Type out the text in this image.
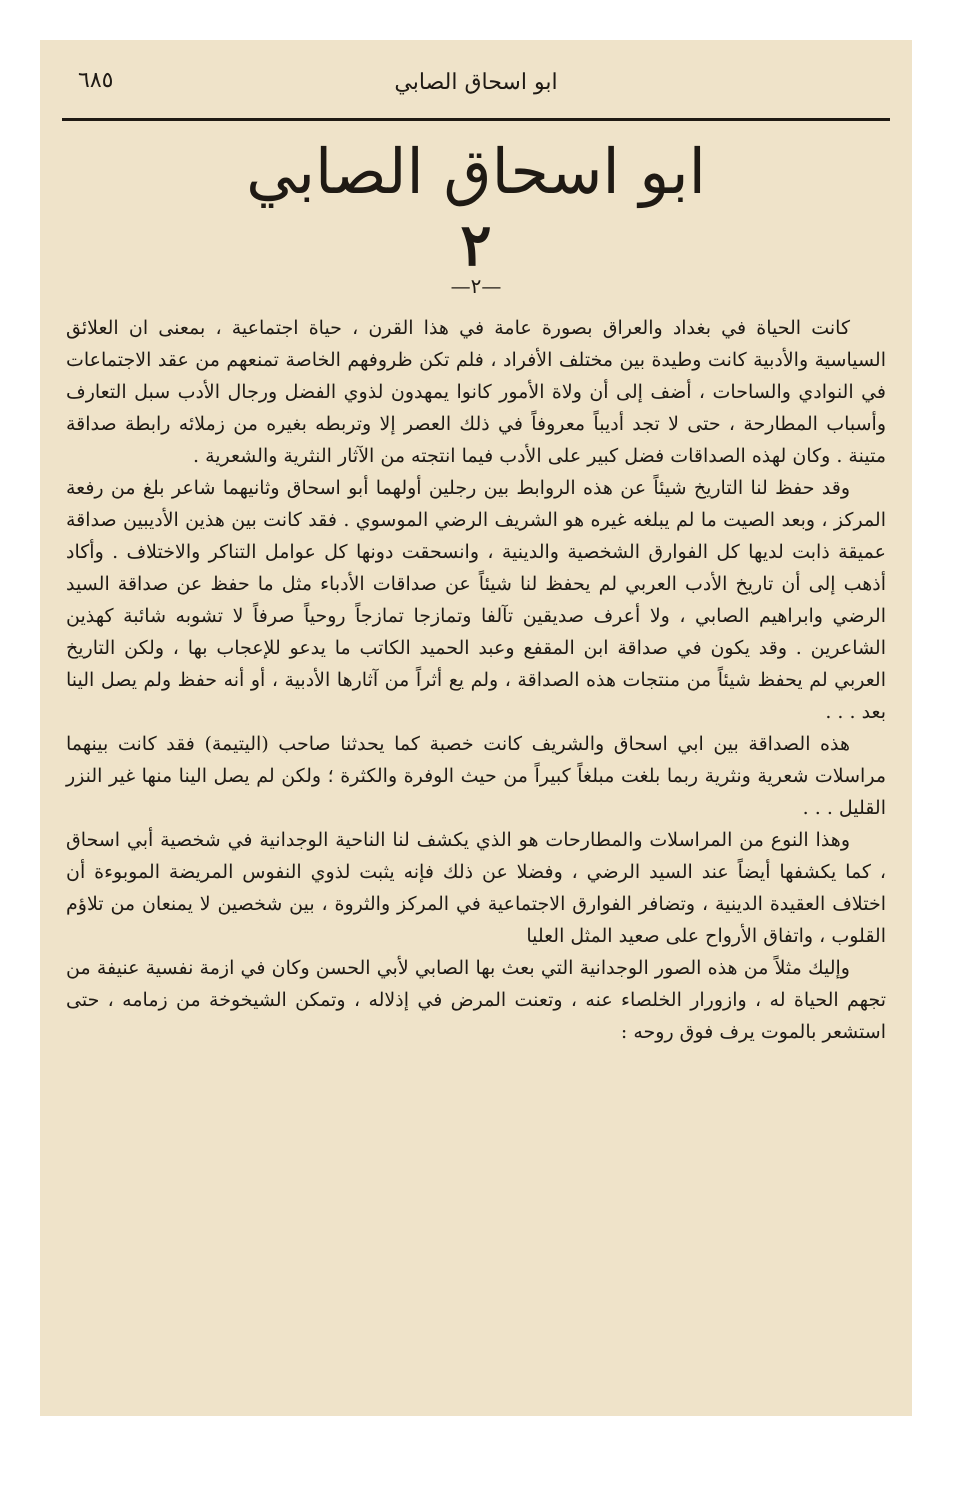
ابو اسحاق الصابي
٦٨٥
ابو اسحاق الصابي
٢
—٢—

كانت الحياة في بغداد والعراق بصورة عامة في هذا القرن ، حياة اجتماعية ، بمعنى ان العلائق السياسية والأدبية كانت وطيدة بين مختلف الأفراد ، فلم تكن ظروفهم الخاصة تمنعهم من عقد الاجتماعات في النوادي والساحات ، أضف إلى أن ولاة الأمور كانوا يمهدون لذوي الفضل ورجال الأدب سبل التعارف وأسباب المطارحة ، حتى لا تجد أديباً معروفاً في ذلك العصر إلا وتربطه بغيره من زملائه رابطة صداقة متينة . وكان لهذه الصداقات فضل كبير على الأدب فيما انتجته من الآثار النثرية والشعرية .

وقد حفظ لنا التاريخ شيئاً عن هذه الروابط بين رجلين أولهما أبو اسحاق وثانيهما شاعر بلغ من رفعة المركز ، وبعد الصيت ما لم يبلغه غيره هو الشريف الرضي الموسوي . فقد كانت بين هذين الأديبين صداقة عميقة ذابت لديها كل الفوارق الشخصية والدينية ، وانسحقت دونها كل عوامل التناكر والاختلاف . وأكاد أذهب إلى أن تاريخ الأدب العربي لم يحفظ لنا شيئاً عن صداقات الأدباء مثل ما حفظ عن صداقة السيد الرضي وابراهيم الصابي ، ولا أعرف صديقين تآلفا وتمازجا تمازجاً روحياً صرفاً لا تشوبه شائبة كهذين الشاعرين . وقد يكون في صداقة ابن المقفع وعبد الحميد الكاتب ما يدعو للإعجاب بها ، ولكن التاريخ العربي لم يحفظ شيئاً من منتجات هذه الصداقة ، ولم يع أثراً من آثارها الأدبية ، أو أنه حفظ ولم يصل الينا بعد . . .

هذه الصداقة بين ابي اسحاق والشريف كانت خصبة كما يحدثنا صاحب (اليتيمة) فقد كانت بينهما مراسلات شعرية ونثرية ربما بلغت مبلغاً كبيراً من حيث الوفرة والكثرة ؛ ولكن لم يصل الينا منها غير النزر القليل . . .

وهذا النوع من المراسلات والمطارحات هو الذي يكشف لنا الناحية الوجدانية في شخصية أبي اسحاق ، كما يكشفها أيضاً عند السيد الرضي ، وفضلا عن ذلك فإنه يثبت لذوي النفوس المريضة الموبوءة أن اختلاف العقيدة الدينية ، وتضافر الفوارق الاجتماعية في المركز والثروة ، بين شخصين لا يمنعان من تلاؤم القلوب ، واتفاق الأرواح على صعيد المثل العليا

وإليك مثلاً من هذه الصور الوجدانية التي بعث بها الصابي لأبي الحسن وكان في ازمة نفسية عنيفة من تجهم الحياة له ، وازورار الخلصاء عنه ، وتعنت المرض في إذلاله ، وتمكن الشيخوخة من زمامه ، حتى استشعر بالموت يرف فوق روحه :
